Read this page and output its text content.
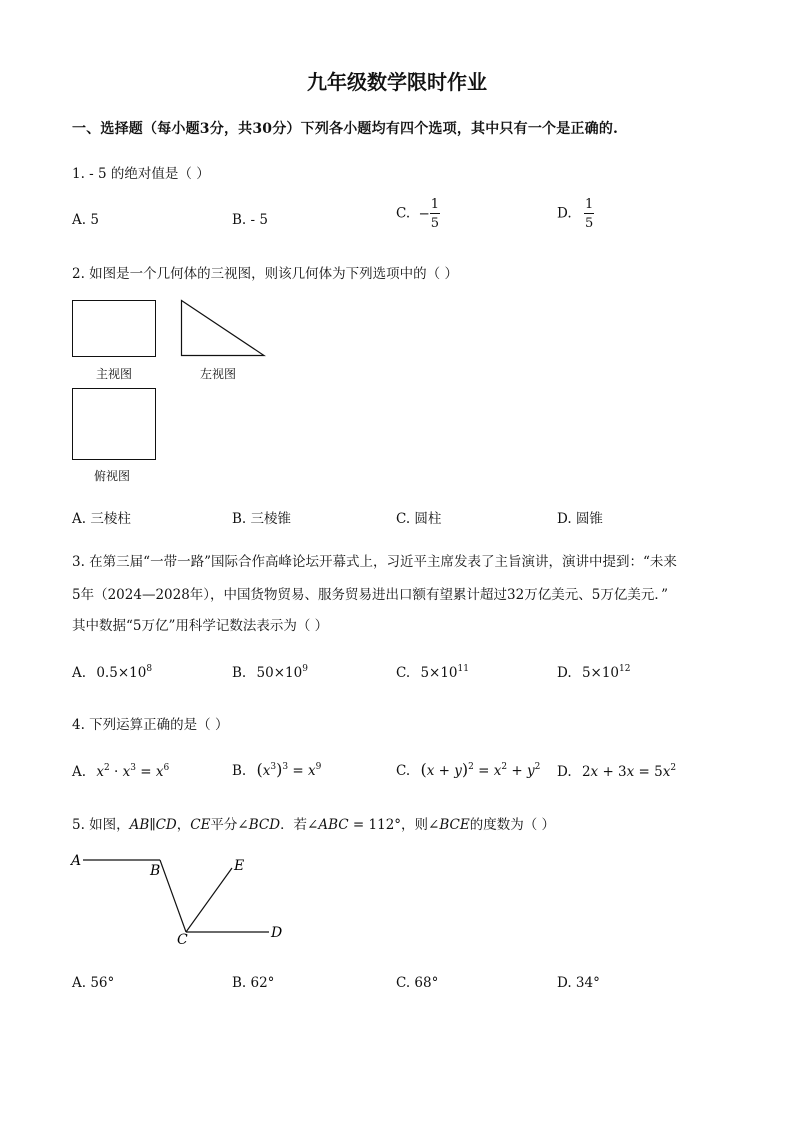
九年级数学限时作业
一、选择题（每小题3分，共30分）下列各小题均有四个选项，其中只有一个是正确的.
1. - 5 的绝对值是（ ）
A. 5	B. - 5	C. − $\frac{1}{5}$	D. $\frac{1}{5}$
2. 如图是一个几何体的三视图，则该几何体为下列选项中的（ ）
主视图	左视图
俯视图
A. 三棱柱	B. 三棱锥	C. 圆柱	D. 圆锥
3. 在第三届“一带一路”国际合作高峰论坛开幕式上，习近平主席发表了主旨演讲，演讲中提到：“未来
5年（2024—2028年），中国货物贸易、服务贸易进出口额有望累计超过32万亿美元、5万亿美元．”
其中数据“5万亿”用科学记数法表示为（ ）
A. $0.5\times 10^8$	B. $50\times 10^9$	C. $5\times 10^{11}$	D. $5\times 10^{12}$
4. 下列运算正确的是（ ）
A. $x^2 \cdot x^3 = x^6$	B. $(x^3)^3 = x^9$	C. $(x + y)^2 = x^2 + y^2$ D. $2x + 3x = 5x^2$
5. 如图，AB∥CD，CE平分∠BCD．若∠ABC = 112°，则∠BCE的度数为（ ）
A
B
C	D
E
A. 56°	B. 62°	C. 68°	D. 34°
